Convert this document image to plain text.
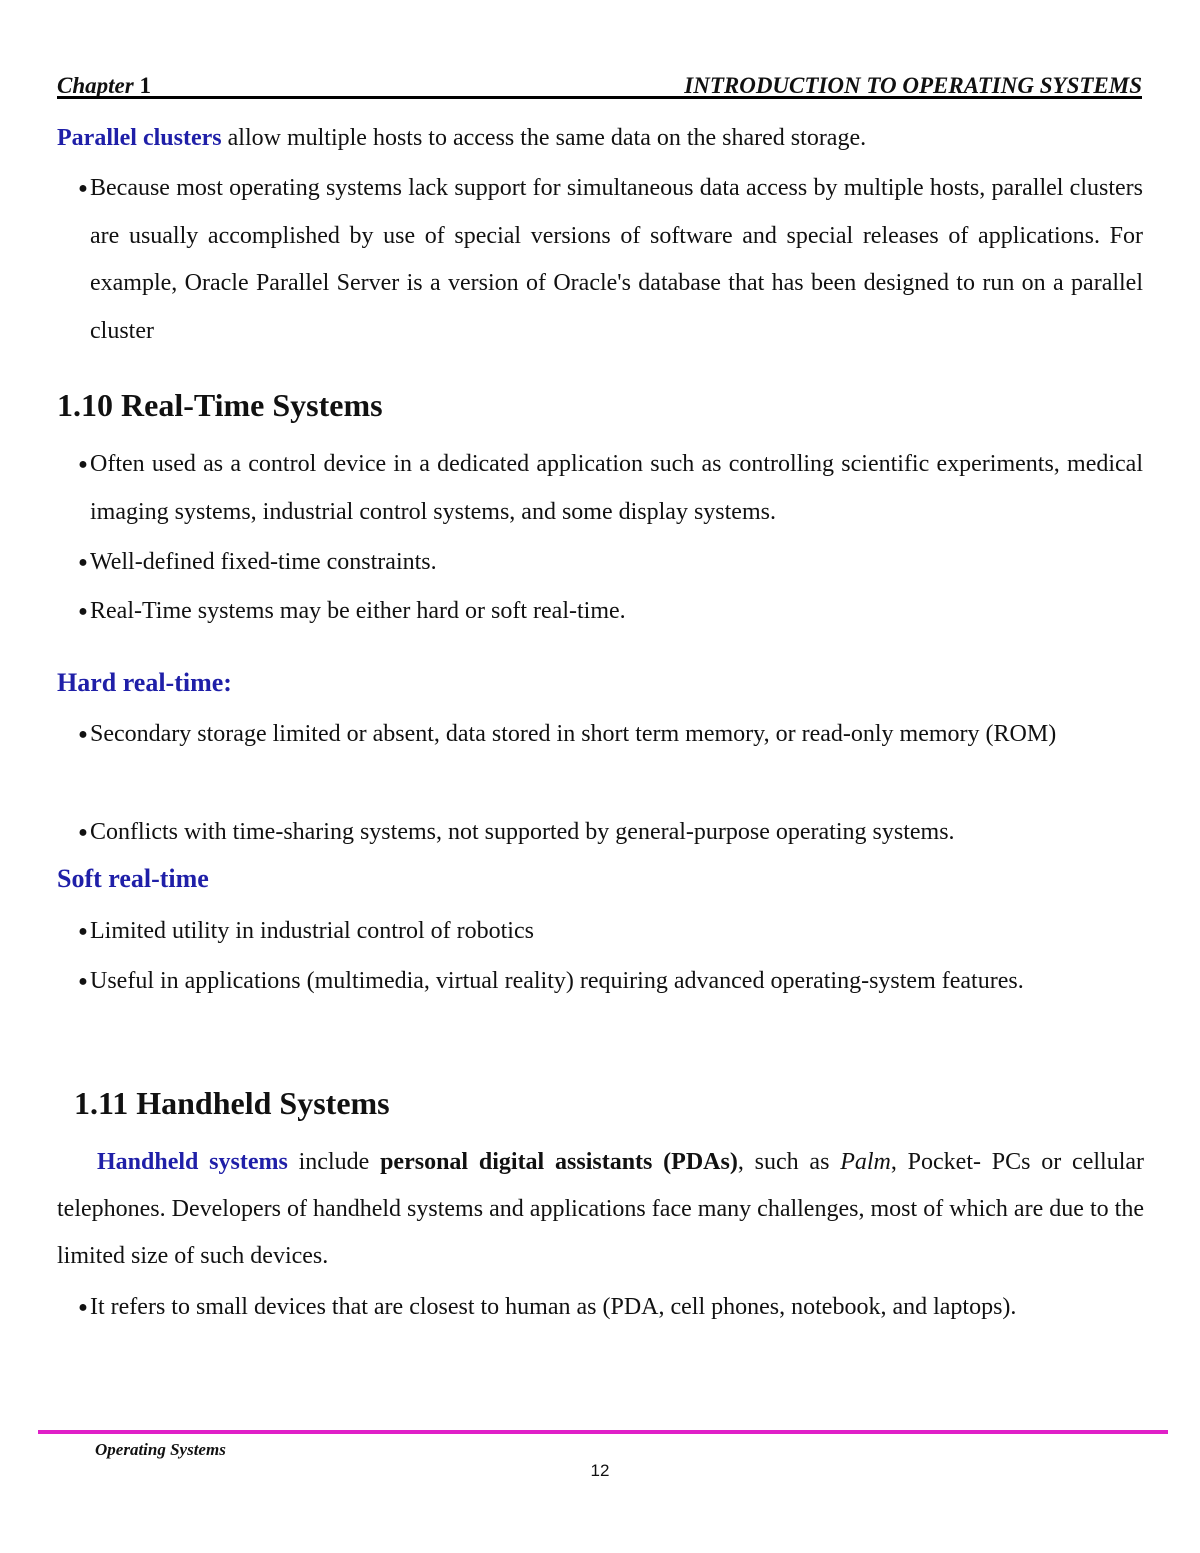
Chapter 1	INTRODUCTION TO OPERATING SYSTEMS

Parallel clusters allow multiple hosts to access the same data on the shared storage.

● Because most operating systems lack support for simultaneous data access by multiple hosts, parallel clusters are usually accomplished by use of special versions of software and special releases of applications. For example, Oracle Parallel Server is a version of Oracle's database that has been designed to run on a parallel cluster

1.10 Real-Time Systems

● Often used as a control device in a dedicated application such as controlling scientific experiments, medical imaging systems, industrial control systems, and some display systems.

● Well-defined fixed-time constraints.

● Real-Time systems may be either hard or soft real-time.

Hard real-time:

● Secondary storage limited or absent, data stored in short term memory, or read-only memory (ROM)

● Conflicts with time-sharing systems, not supported by general-purpose operating systems.

Soft real-time

● Limited utility in industrial control of robotics

● Useful in applications (multimedia, virtual reality) requiring advanced operating-system features.

1.11 Handheld Systems

Handheld systems include personal digital assistants (PDAs), such as Palm, Pocket- PCs or cellular telephones. Developers of handheld systems and applications face many challenges, most of which are due to the limited size of such devices.

● It refers to small devices that are closest to human as (PDA, cell phones, notebook, and laptops).

Operating Systems
12
